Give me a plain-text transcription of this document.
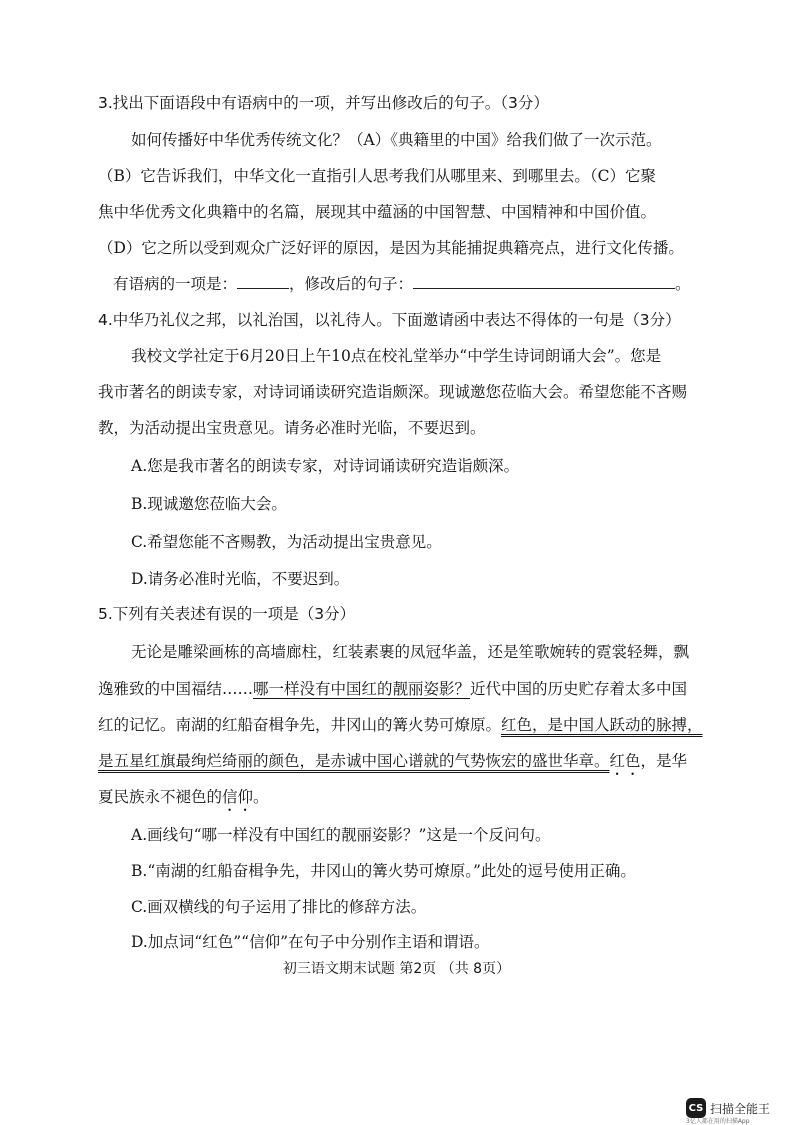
3.找出下面语段中有语病中的一项，并写出修改后的句子。（3分）
如何传播好中华优秀传统文化？（A）《典籍里的中国》给我们做了一次示范。
（B）它告诉我们，中华文化一直指引人思考我们从哪里来、到哪里去。（C）它聚
焦中华优秀文化典籍中的名篇，展现其中蕴涵的中国智慧、中国精神和中国价值。
（D）它之所以受到观众广泛好评的原因，是因为其能捕捉典籍亮点，进行文化传播。
有语病的一项是：	，修改后的句子：	。
4.中华乃礼仪之邦，以礼治国，以礼待人。下面邀请函中表达不得体的一句是（3分）
我校文学社定于6月20日上午10点在校礼堂举办“中学生诗词朗诵大会”。您是
我市著名的朗读专家，对诗词诵读研究造诣颇深。现诚邀您莅临大会。希望您能不吝赐
教，为活动提出宝贵意见。请务必准时光临，不要迟到。
A.您是我市著名的朗读专家，对诗词诵读研究造诣颇深。
B.现诚邀您莅临大会。
C.希望您能不吝赐教，为活动提出宝贵意见。
D.请务必准时光临，不要迟到。
5.下列有关表述有误的一项是（3分）
无论是雕梁画栋的高墙廊柱，红装素裹的凤冠华盖，还是笙歌婉转的霓裳轻舞，飘
逸雅致的中国福结……哪一样没有中国红的靓丽姿影？近代中国的历史贮存着太多中国
红的记忆。南湖的红船奋楫争先，井冈山的篝火势可燎原。红色，是中国人跃动的脉搏，
是五星红旗最绚烂绮丽的颜色，是赤诚中国心谱就的气势恢宏的盛世华章。红色，是华
夏民族永不褪色的信仰。
A.画线句“哪一样没有中国红的靓丽姿影？”这是一个反问句。
B.“南湖的红船奋楫争先，井冈山的篝火势可燎原。”此处的逗号使用正确。
C.画双横线的句子运用了排比的修辞方法。
D.加点词“红色”“信仰”在句子中分别作主语和谓语。
初三语文期末试题 第2页 （共 8页）
CS 扫描全能王
3亿人都在用的扫描App
